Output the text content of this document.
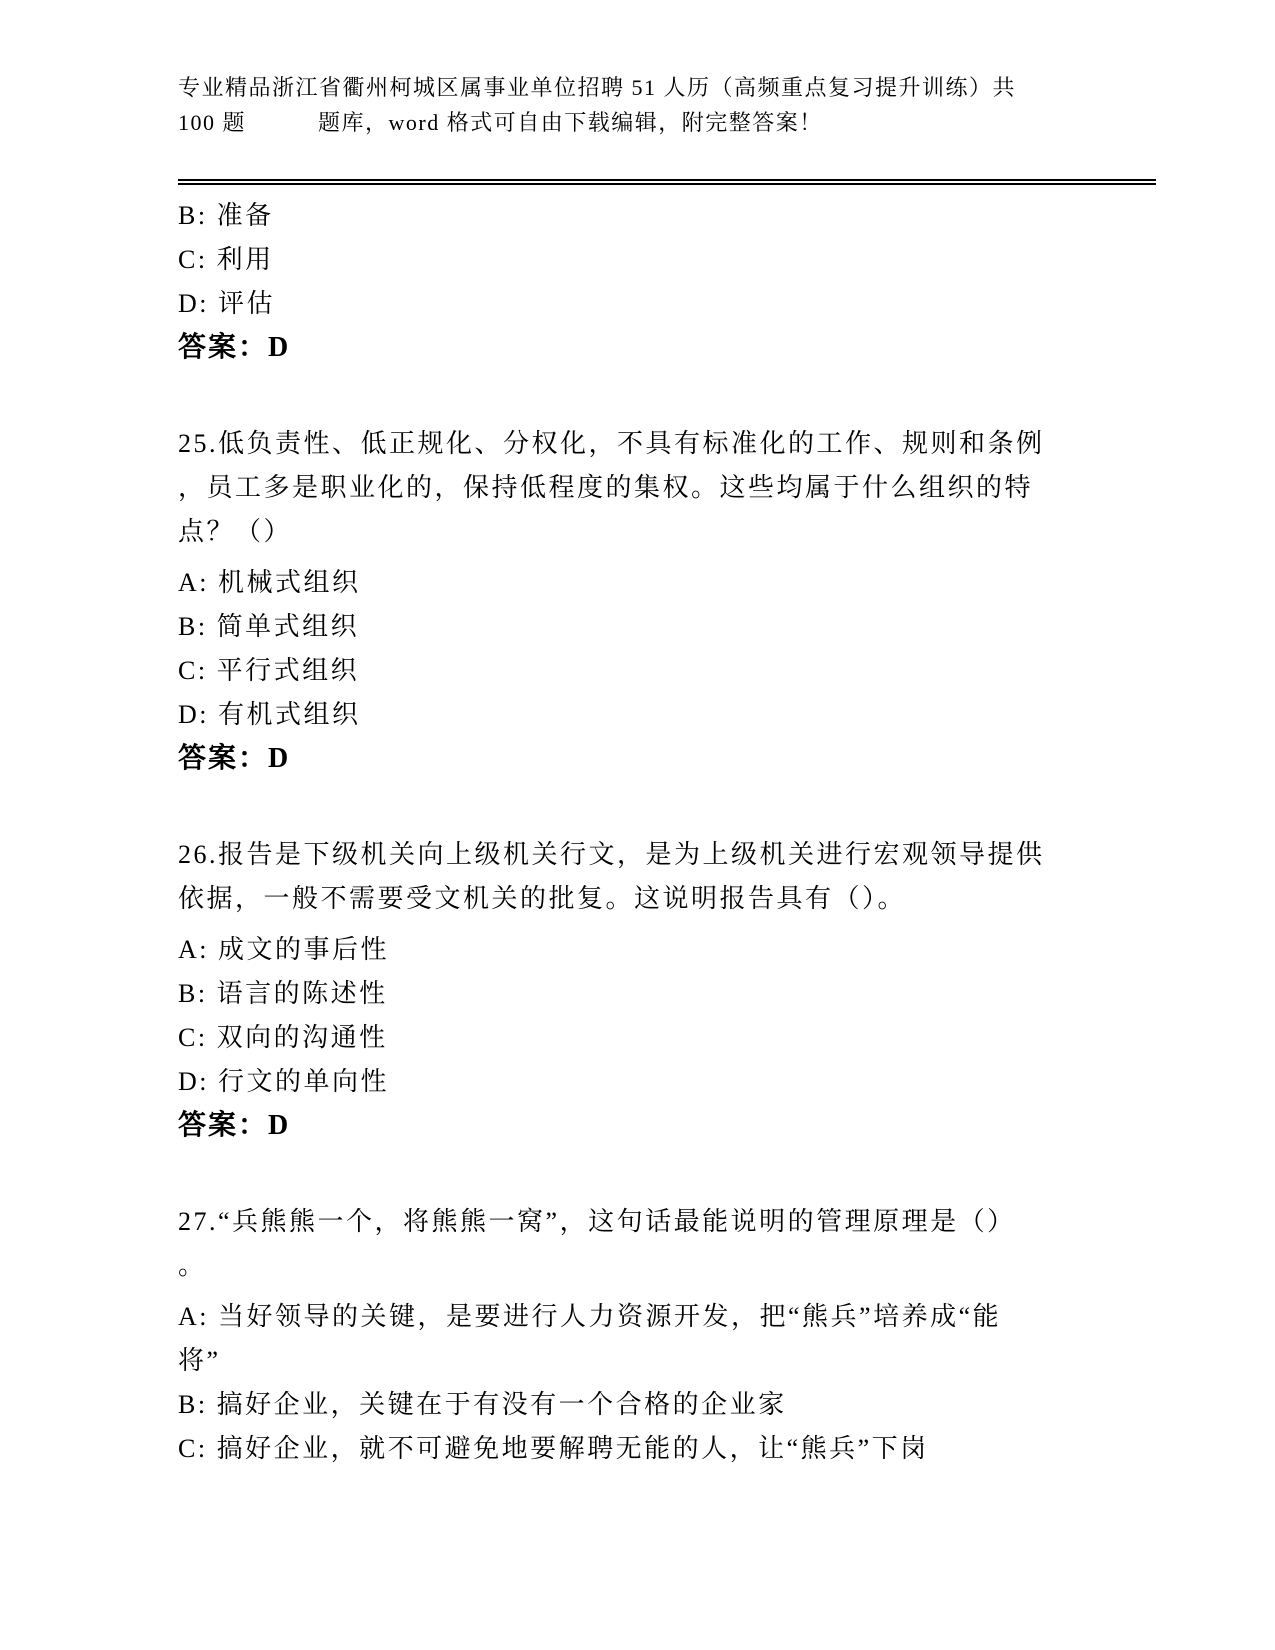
专业精品浙江省衢州柯城区属事业单位招聘 51 人历（高频重点复习提升训练）共
100 题	题库，word 格式可自由下载编辑，附完整答案！
B: 准备
C: 利用
D: 评估
答案：D
25.低负责性、低正规化、分权化，不具有标准化的工作、规则和条例
，员工多是职业化的，保持低程度的集权。这些均属于什么组织的特
点？（）
A: 机械式组织
B: 简单式组织
C: 平行式组织
D: 有机式组织
答案：D
26.报告是下级机关向上级机关行文，是为上级机关进行宏观领导提供
依据，一般不需要受文机关的批复。这说明报告具有（）。
A: 成文的事后性
B: 语言的陈述性
C: 双向的沟通性
D: 行文的单向性
答案：D
27.“兵熊熊一个，将熊熊一窝”，这句话最能说明的管理原理是（）
。
A: 当好领导的关键，是要进行人力资源开发，把“熊兵”培养成“能
将”
B: 搞好企业，关键在于有没有一个合格的企业家
C: 搞好企业，就不可避免地要解聘无能的人，让“熊兵”下岗
